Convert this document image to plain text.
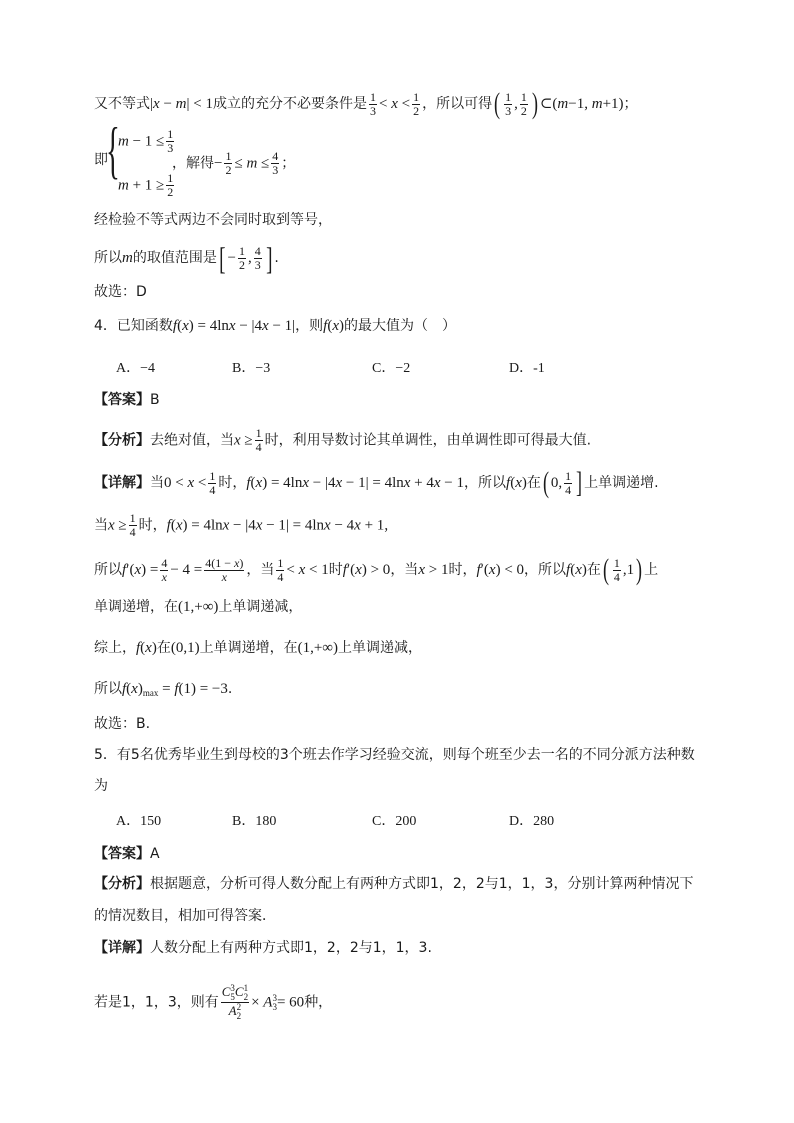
又不等式|x − m| < 1成立的充分不必要条件是 $\frac{1}{3} < x < \frac{1}{2}$ ，所以可得( $\frac{1}{3}$ , $\frac{1}{2}$ ) ⊂(m−1, m+1)；
即
{
$m - 1 \le \frac{1}{3}$
$m + 1 \ge \frac{1}{2}$
，解得− $\frac{1}{2} \le m \le \frac{4}{3}$ ；
经检验不等式两边不会同时取到等号，
所以m的取值范围是[ − $\frac{1}{2}$ , $\frac{4}{3}$ ] .
故选：D
4．已知函数f(x) = 4lnx − |4x − 1|，则f(x)的最大值为（　）
A．−4	B．−3	C．−2	D．-1
【答案】B
【分析】去绝对值，当$x \ge \frac{1}{4}$ 时，利用导数讨论其单调性，由单调性即可得最大值.
【详解】当$0 < x < \frac{1}{4}$ 时，f(x) = 4lnx − |4x − 1| = 4lnx + 4x − 1，所以f(x)在( 0, $\frac{1}{4}$ ] 上单调递增.
当$x \ge \frac{1}{4}$ 时，f(x) = 4lnx − |4x − 1| = 4lnx − 4x + 1,
所以$f'(x) = \frac{4}{x} - 4 = \frac{4(1 - x)}{x}$ ，当 $\frac{1}{4} < x < 1$时f′(x) > 0，当x > 1时，f′(x) < 0，所以f(x)在( $\frac{1}{4} ,1$) 上
单调递增，在(1,+∞)上单调递减，
综上，f(x)在(0,1)上单调递增，在(1,+∞)上单调递减，
所以$f(x)_{max} = f(1) = -3$.
故选：B.
5．有5名优秀毕业生到母校的3个班去作学习经验交流，则每个班至少去一名的不同分派方法种数
为
A．150	B．180	C．200	D．280
【答案】A
【分析】根据题意，分析可得人数分配上有两种方式即1，2，2与1，1，3，分别计算两种情况下
的情况数目，相加可得答案．
【详解】人数分配上有两种方式即1，2，2与1，1，3.
若是1，1，3，则有 C 3
5 C 1
2
A 2
2 × A 3
3 = 60种，
